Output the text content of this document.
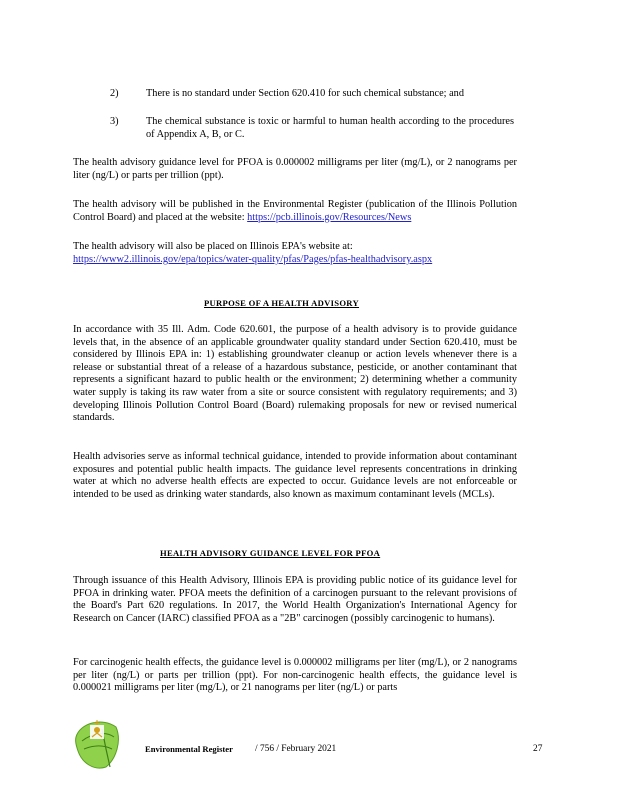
2)	There is no standard under Section 620.410 for such chemical substance; and
3)	The chemical substance is toxic or harmful to human health according to the procedures of Appendix A, B, or C.

The health advisory guidance level for PFOA is 0.000002 milligrams per liter (mg/L), or 2 nanograms per liter (ng/L) or parts per trillion (ppt).

The health advisory will be published in the Environmental Register (publication of the Illinois Pollution Control Board) and placed at the website: https://pcb.illinois.gov/Resources/News

The health advisory will also be placed on Illinois EPA's website at:
https://www2.illinois.gov/epa/topics/water-quality/pfas/Pages/pfas-healthadvisory.aspx

PURPOSE OF A HEALTH ADVISORY

In accordance with 35 Ill. Adm. Code 620.601, the purpose of a health advisory is to provide guidance levels that, in the absence of an applicable groundwater quality standard under Section 620.410, must be considered by Illinois EPA in: 1) establishing groundwater cleanup or action levels whenever there is a release or substantial threat of a release of a hazardous substance, pesticide, or another contaminant that represents a significant hazard to public health or the environment; 2) determining whether a community water supply is taking its raw water from a site or source consistent with regulatory requirements; and 3) developing Illinois Pollution Control Board (Board) rulemaking proposals for new or revised numerical standards.

Health advisories serve as informal technical guidance, intended to provide information about contaminant exposures and potential public health impacts. The guidance level represents concentrations in drinking water at which no adverse health effects are expected to occur. Guidance levels are not enforceable or intended to be used as drinking water standards, also known as maximum contaminant levels (MCLs).

HEALTH ADVISORY GUIDANCE LEVEL FOR PFOA

Through issuance of this Health Advisory, Illinois EPA is providing public notice of its guidance level for PFOA in drinking water. PFOA meets the definition of a carcinogen pursuant to the relevant provisions of the Board's Part 620 regulations. In 2017, the World Health Organization's International Agency for Research on Cancer (IARC) classified PFOA as a "2B" carcinogen (possibly carcinogenic to humans).

For carcinogenic health effects, the guidance level is 0.000002 milligrams per liter (mg/L), or 2 nanograms per liter (ng/L) or parts per trillion (ppt). For non-carcinogenic health effects, the guidance level is 0.000021 milligrams per liter (mg/L), or 21 nanograms per liter (ng/L) or parts

Environmental Register / 756 / February 2021	27
